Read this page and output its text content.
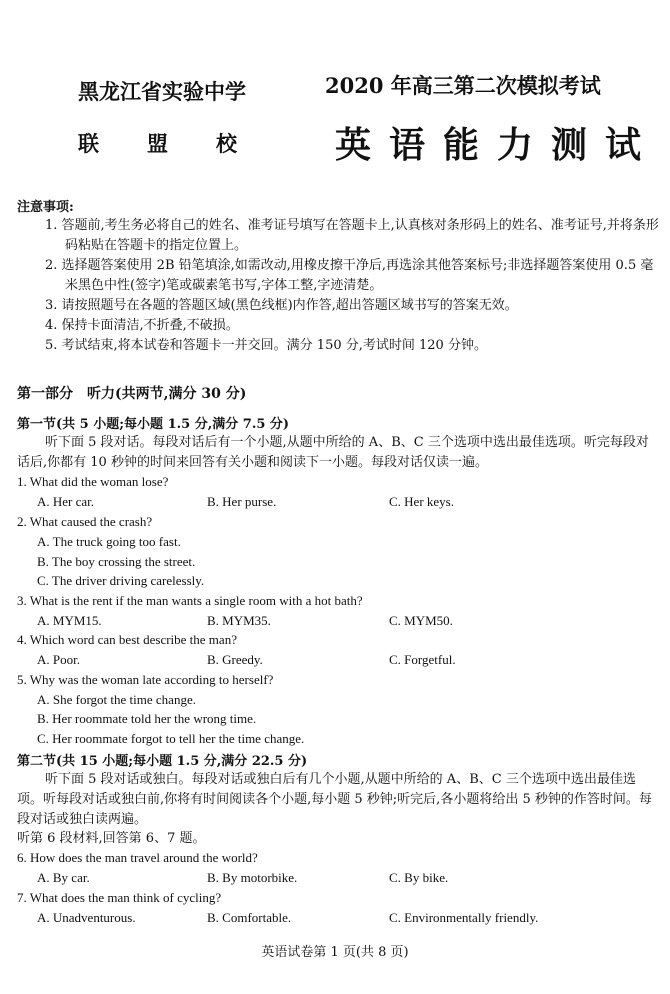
黑龙江省实验中学
联盟校
2020 年高三第二次模拟考试
英语能力测试
注意事项:
1. 答题前,考生务必将自己的姓名、准考证号填写在答题卡上,认真核对条形码上的姓名、准考证号,并将条形码粘贴在答题卡的指定位置上。
2. 选择题答案使用 2B 铅笔填涂,如需改动,用橡皮擦干净后,再选涂其他答案标号;非选择题答案使用 0.5 毫米黑色中性(签字)笔或碳素笔书写,字体工整,字迹清楚。
3. 请按照题号在各题的答题区域(黑色线框)内作答,超出答题区域书写的答案无效。
4. 保持卡面清洁,不折叠,不破损。
5. 考试结束,将本试卷和答题卡一并交回。满分 150 分,考试时间 120 分钟。
第一部分　听力(共两节,满分 30 分)
第一节(共 5 小题;每小题 1.5 分,满分 7.5 分)
听下面 5 段对话。每段对话后有一个小题,从题中所给的 A、B、C 三个选项中选出最佳选项。听完每段对话后,你都有 10 秒钟的时间来回答有关小题和阅读下一小题。每段对话仅读一遍。
1. What did the woman lose?
A. Her car.	B. Her purse.	C. Her keys.
2. What caused the crash?
A. The truck going too fast.
B. The boy crossing the street.
C. The driver driving carelessly.
3. What is the rent if the man wants a single room with a hot bath?
A. MYM15.	B. MYM35.	C. MYM50.
4. Which word can best describe the man?
A. Poor.	B. Greedy.	C. Forgetful.
5. Why was the woman late according to herself?
A. She forgot the time change.
B. Her roommate told her the wrong time.
C. Her roommate forgot to tell her the time change.
第二节(共 15 小题;每小题 1.5 分,满分 22.5 分)
听下面 5 段对话或独白。每段对话或独白后有几个小题,从题中所给的 A、B、C 三个选项中选出最佳选项。听每段对话或独白前,你将有时间阅读各个小题,每小题 5 秒钟;听完后,各小题将给出 5 秒钟的作答时间。每段对话或独白读两遍。
听第 6 段材料,回答第 6、7 题。
6. How does the man travel around the world?
A. By car.	B. By motorbike.	C. By bike.
7. What does the man think of cycling?
A. Unadventurous.	B. Comfortable.	C. Environmentally friendly.
英语试卷第 1 页(共 8 页)
